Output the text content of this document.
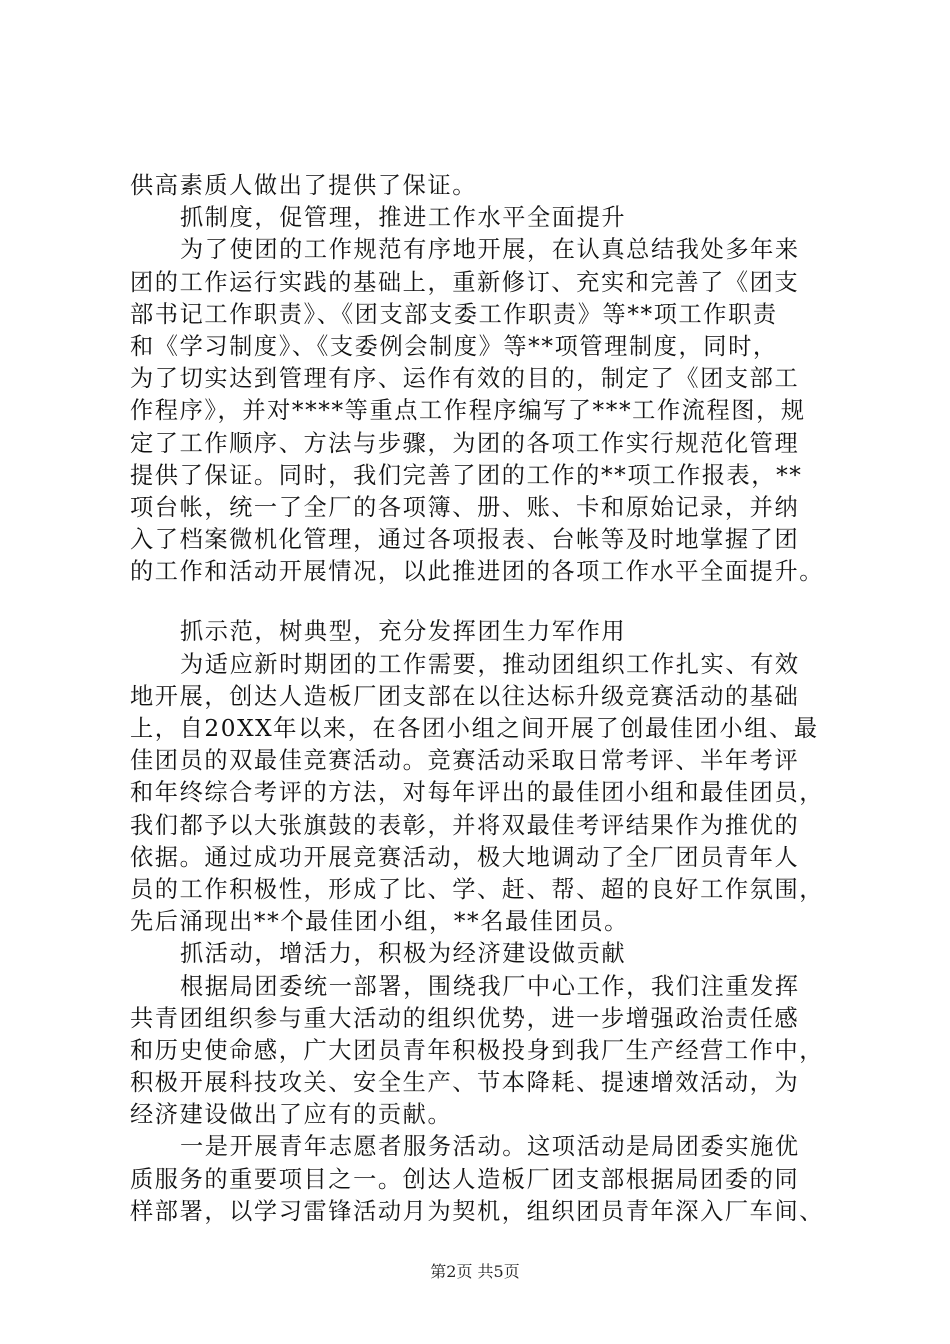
供高素质人做出了提供了保证。
抓制度，促管理，推进工作水平全面提升
为了使团的工作规范有序地开展，在认真总结我处多年来
团的工作运行实践的基础上，重新修订、充实和完善了《团支
部书记工作职责》、《团支部支委工作职责》等**项工作职责
和《学习制度》、《支委例会制度》等**项管理制度，同时，
为了切实达到管理有序、运作有效的目的，制定了《团支部工
作程序》，并对****等重点工作程序编写了***工作流程图，规
定了工作顺序、方法与步骤，为团的各项工作实行规范化管理
提供了保证。同时，我们完善了团的工作的**项工作报表，**
项台帐，统一了全厂的各项簿、册、账、卡和原始记录，并纳
入了档案微机化管理，通过各项报表、台帐等及时地掌握了团
的工作和活动开展情况，以此推进团的各项工作水平全面提升。
抓示范，树典型，充分发挥团生力军作用
为适应新时期团的工作需要，推动团组织工作扎实、有效
地开展，创达人造板厂团支部在以往达标升级竞赛活动的基础
上，自20XX年以来，在各团小组之间开展了创最佳团小组、最
佳团员的双最佳竞赛活动。竞赛活动采取日常考评、半年考评
和年终综合考评的方法，对每年评出的最佳团小组和最佳团员，
我们都予以大张旗鼓的表彰，并将双最佳考评结果作为推优的
依据。通过成功开展竞赛活动，极大地调动了全厂团员青年人
员的工作积极性，形成了比、学、赶、帮、超的良好工作氛围，
先后涌现出**个最佳团小组，**名最佳团员。
抓活动，增活力，积极为经济建设做贡献
根据局团委统一部署，围绕我厂中心工作，我们注重发挥
共青团组织参与重大活动的组织优势，进一步增强政治责任感
和历史使命感，广大团员青年积极投身到我厂生产经营工作中，
积极开展科技攻关、安全生产、节本降耗、提速增效活动，为
经济建设做出了应有的贡献。
一是开展青年志愿者服务活动。这项活动是局团委实施优
质服务的重要项目之一。创达人造板厂团支部根据局团委的同
样部署，以学习雷锋活动月为契机，组织团员青年深入厂车间、
第2页 共5页
